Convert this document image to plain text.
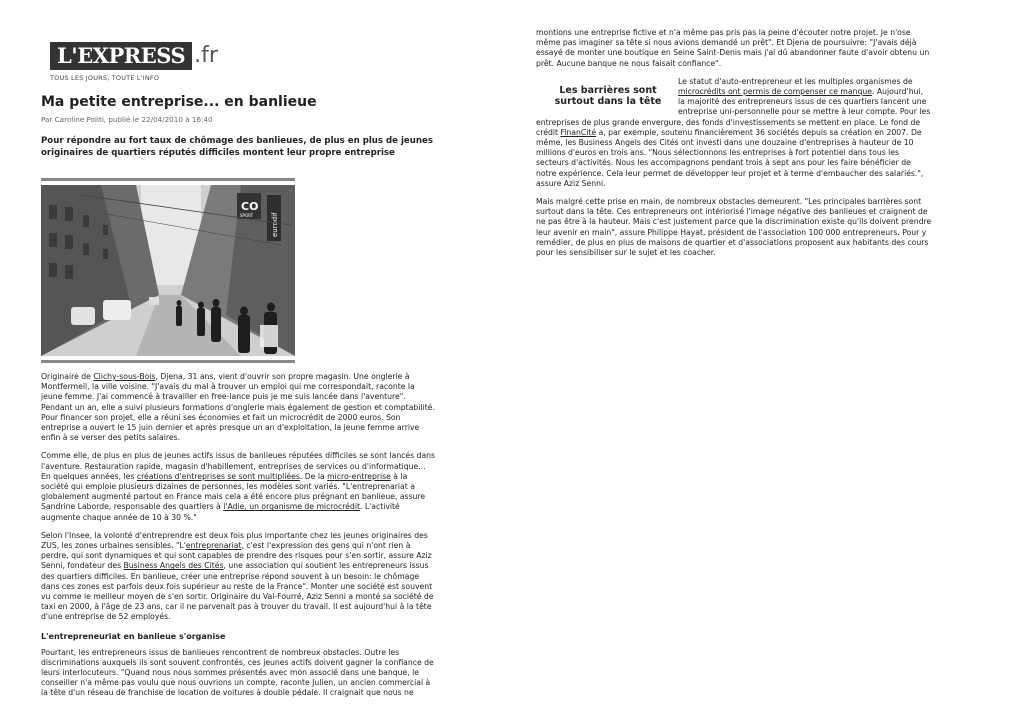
L'EXPRESS .fr
TOUS LES JOURS, TOUTE L'INFO
Ma petite entreprise... en banlieue
Par Caroline Politi, publié le 22/04/2010 à 16:40
Pour répondre au fort taux de chômage des banlieues, de plus en plus de jeunes originaires de quartiers réputés difficiles montent leur propre entreprise
CO
SPORT	eurodif

Originaire de Clichy-sous-Bois, Djena, 31 ans, vient d'ouvrir son propre magasin. Une onglerie à Montfermeil, la ville voisine. "J'avais du mal à trouver un emploi qui me correspondait, raconte la jeune femme. J'ai commencé à travailler en free-lance puis je me suis lancée dans l'aventure". Pendant un an, elle a suivi plusieurs formations d'onglerie mais également de gestion et comptabilité. Pour financer son projet, elle a réuni ses économies et fait un microcrédit de 2000 euros. Son entreprise a ouvert le 15 juin dernier et après presque un an d'exploitation, la jeune femme arrive enfin à se verser des petits salaires.

Comme elle, de plus en plus de jeunes actifs issus de banlieues réputées difficiles se sont lancés dans l'aventure. Restauration rapide, magasin d'habillement, entreprises de services ou d'informatique... En quelques années, les créations d'entreprises se sont multipliées. De la micro-entreprise à la société qui emploie plusieurs dizaines de personnes, les modèles sont variés. "L'entreprenariat a globalement augmenté partout en France mais cela a été encore plus prégnant en banlieue, assure Sandrine Laborde, responsable des quartiers à l'Adie, un organisme de microcrédit. L'activité augmente chaque année de 10 à 30 %."

Selon l'Insee, la volonté d'entreprendre est deux fois plus importante chez les jeunes originaires des ZUS, les zones urbaines sensibles. "L'entreprenariat, c'est l'expression des gens qui n'ont rien à perdre, qui sont dynamiques et qui sont capables de prendre des risques pour s'en sortir, assure Aziz Senni, fondateur des Business Angels des Cités, une association qui soutient les entrepreneurs issus des quartiers difficiles. En banlieue, créer une entreprise répond souvent à un besoin: le chômage dans ces zones est parfois deux fois supérieur au reste de la France". Monter une société est souvent vu comme le meilleur moyen de s'en sortir. Originaire du Val-Fourré, Aziz Senni a monté sa société de taxi en 2000, à l'âge de 23 ans, car il ne parvenait pas à trouver du travail. Il est aujourd'hui à la tête d'une entreprise de 52 employés.

L'entrepreneuriat en banlieue s'organise

Pourtant, les entrepreneurs issus de banlieues rencontrent de nombreux obstacles. Outre les discriminations auxquels ils sont souvent confrontés, ces jeunes actifs doivent gagner la confiance de leurs interlocuteurs. "Quand nous nous sommes présentés avec mon associé dans une banque, le conseiller n'a même pas voulu que nous ouvrions un compte, raconte Julien, un ancien commercial à la tête d'un réseau de franchise de location de voitures à double pédale. Il craignait que nous ne

montions une entreprise fictive et n'a même pas pris pas la peine d'écouter notre projet. Je n'ose même pas imaginer sa tête si nous avions demandé un prêt". Et Djena de poursuivre: "J'avais déjà essayé de monter une boutique en Seine Saint-Denis mais j'ai dû abandonner faute d'avoir obtenu un prêt. Aucune banque ne nous faisait confiance".

Les barrières sont surtout dans la tête

Le statut d'auto-entrepreneur et les multiples organismes de microcrédits ont permis de compenser ce manque. Aujourd'hui, la majorité des entrepreneurs issus de ces quartiers lancent une entreprise uni-personnelle pour se mettre à leur compte. Pour les entreprises de plus grande envergure, des fonds d'investissements se mettent en place. Le fond de crédit FinanCité a, par exemple, soutenu financièrement 36 sociétés depuis sa création en 2007. De même, les Business Angels des Cités ont investi dans une douzaine d'entreprises à hauteur de 10 millions d'euros en trois ans. "Nous sélectionnons les entreprises à fort potentiel dans tous les secteurs d'activités. Nous les accompagnons pendant trois à sept ans pour les faire bénéficier de notre expérience. Cela leur permet de développer leur projet et à terme d'embaucher des salariés.", assure Aziz Senni.

Mais malgré cette prise en main, de nombreux obstacles demeurent. "Les principales barrières sont surtout dans la tête. Ces entrepreneurs ont intériorisé l'image négative des banlieues et craignent de ne pas être à la hauteur. Mais c'est justement parce que la discrimination existe qu'ils doivent prendre leur avenir en main", assure Philippe Hayat, président de l'association 100 000 entrepreneurs. Pour y remédier, de plus en plus de maisons de quartier et d'associations proposent aux habitants des cours pour les sensibiliser sur le sujet et les coacher.
